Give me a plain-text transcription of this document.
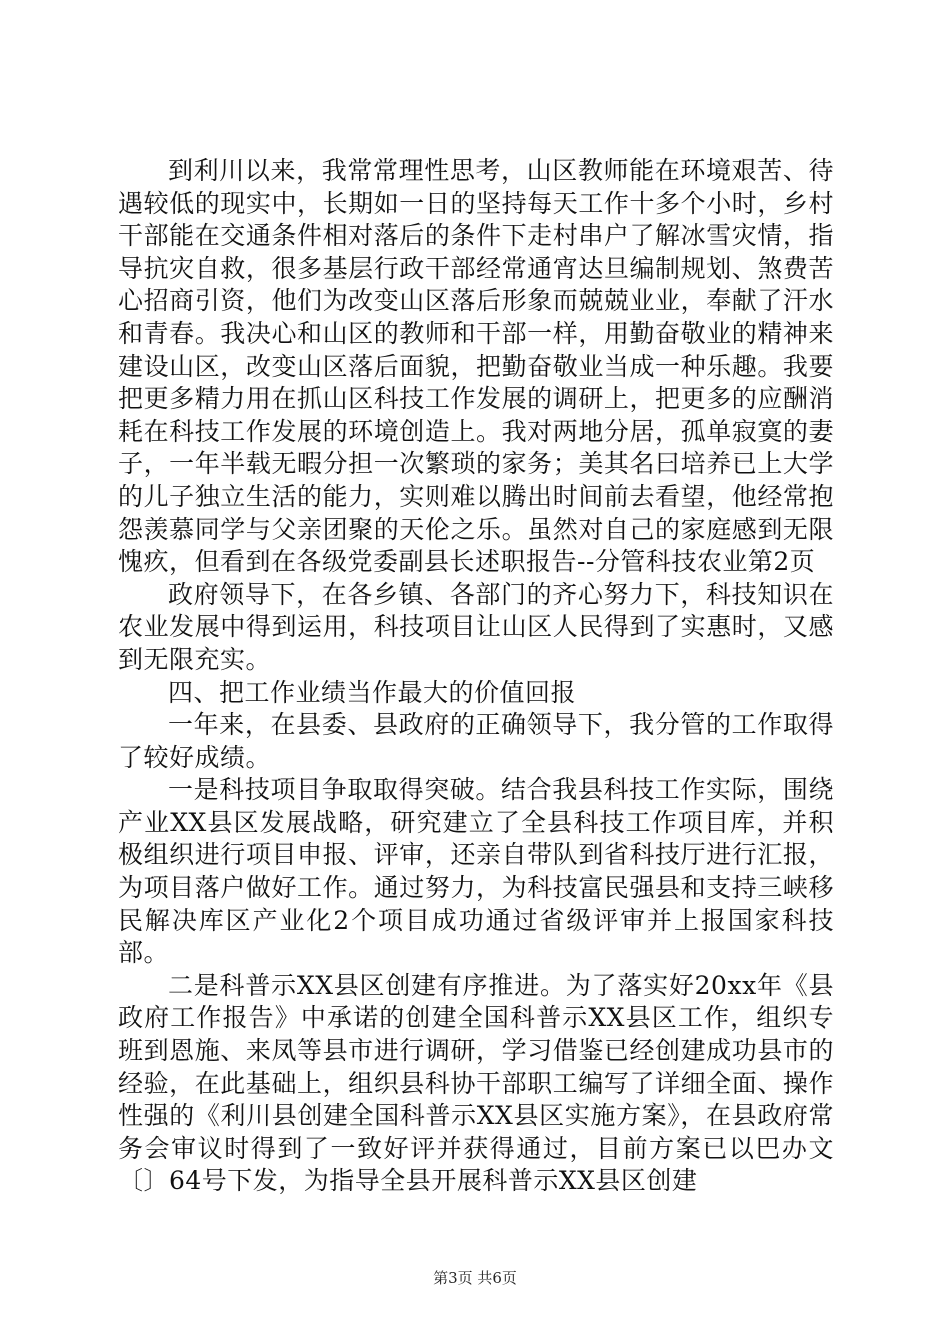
到利川以来，我常常理性思考，山区教师能在环境艰苦、待遇较低的现实中，长期如一日的坚持每天工作十多个小时，乡村干部能在交通条件相对落后的条件下走村串户了解冰雪灾情，指导抗灾自救，很多基层行政干部经常通宵达旦编制规划、煞费苦心招商引资，他们为改变山区落后形象而兢兢业业，奉献了汗水和青春。我决心和山区的教师和干部一样，用勤奋敬业的精神来建设山区，改变山区落后面貌，把勤奋敬业当成一种乐趣。我要把更多精力用在抓山区科技工作发展的调研上，把更多的应酬消耗在科技工作发展的环境创造上。我对两地分居，孤单寂寞的妻子，一年半载无暇分担一次繁琐的家务；美其名曰培养已上大学的儿子独立生活的能力，实则难以腾出时间前去看望，他经常抱怨羡慕同学与父亲团聚的天伦之乐。虽然对自己的家庭感到无限愧疚，但看到在各级党委副县长述职报告--分管科技农业第2页

政府领导下，在各乡镇、各部门的齐心努力下，科技知识在农业发展中得到运用，科技项目让山区人民得到了实惠时，又感到无限充实。

四、把工作业绩当作最大的价值回报

一年来，在县委、县政府的正确领导下，我分管的工作取得了较好成绩。

一是科技项目争取取得突破。结合我县科技工作实际，围绕产业XX县区发展战略，研究建立了全县科技工作项目库，并积极组织进行项目申报、评审，还亲自带队到省科技厅进行汇报，为项目落户做好工作。通过努力，为科技富民强县和支持三峡移民解决库区产业化2个项目成功通过省级评审并上报国家科技部。

二是科普示XX县区创建有序推进。为了落实好20xx年《县政府工作报告》中承诺的创建全国科普示XX县区工作，组织专班到恩施、来凤等县市进行调研，学习借鉴已经创建成功县市的经验，在此基础上，组织县科协干部职工编写了详细全面、操作性强的《利川县创建全国科普示XX县区实施方案》，在县政府常务会审议时得到了一致好评并获得通过，目前方案已以巴办文〔〕64号下发，为指导全县开展科普示XX县区创建

第3页 共6页
